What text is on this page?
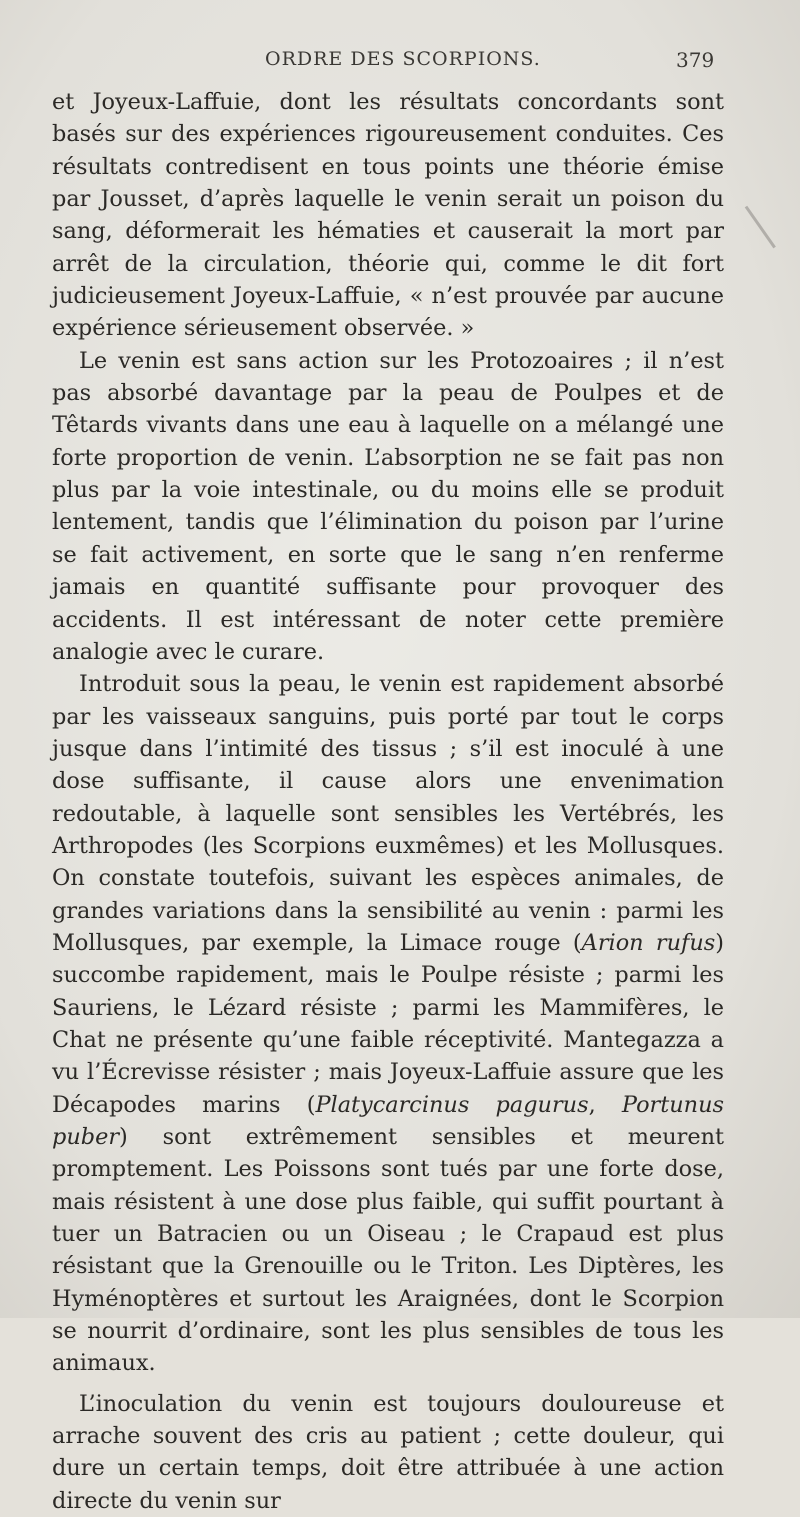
ORDRE DES SCORPIONS.	379

et Joyeux-Laffuie, dont les résultats concordants sont basés sur des expériences rigoureusement conduites. Ces résultats contredisent en tous points une théorie émise par Jousset, d’après laquelle le venin serait un poison du sang, déformerait les hématies et causerait la mort par arrêt de la circulation, théorie qui, comme le dit fort judicieusement Joyeux-Laffuie, « n’est prouvée par aucune expérience sérieusement observée. »

Le venin est sans action sur les Protozoaires ; il n’est pas absorbé davantage par la peau de Poulpes et de Têtards vivants dans une eau à laquelle on a mélangé une forte proportion de venin. L’absorption ne se fait pas non plus par la voie intestinale, ou du moins elle se produit lentement, tandis que l’élimination du poison par l’urine se fait activement, en sorte que le sang n’en renferme jamais en quantité suffisante pour provoquer des accidents. Il est intéressant de noter cette première analogie avec le curare.

Introduit sous la peau, le venin est rapidement absorbé par les vaisseaux sanguins, puis porté par tout le corps jusque dans l’intimité des tissus ; s’il est inoculé à une dose suffisante, il cause alors une envenimation redoutable, à laquelle sont sensibles les Vertébrés, les Arthropodes (les Scorpions euxmêmes) et les Mollusques. On constate toutefois, suivant les espèces animales, de grandes variations dans la sensibilité au venin : parmi les Mollusques, par exemple, la Limace rouge (Arion rufus) succombe rapidement, mais le Poulpe résiste ; parmi les Sauriens, le Lézard résiste ; parmi les Mammifères, le Chat ne présente qu’une faible réceptivité. Mantegazza a vu l’Écrevisse résister ; mais Joyeux-Laffuie assure que les Décapodes marins (Platycarcinus pagurus, Portunus puber) sont extrêmement sensibles et meurent promptement. Les Poissons sont tués par une forte dose, mais résistent à une dose plus faible, qui suffit pourtant à tuer un Batracien ou un Oiseau ; le Crapaud est plus résistant que la Grenouille ou le Triton. Les Diptères, les Hyménoptères et surtout les Araignées, dont le Scorpion se nourrit d’ordinaire, sont les plus sensibles de tous les animaux.

L’inoculation du venin est toujours douloureuse et arrache souvent des cris au patient ; cette douleur, qui dure un certain temps, doit être attribuée à une action directe du venin sur
